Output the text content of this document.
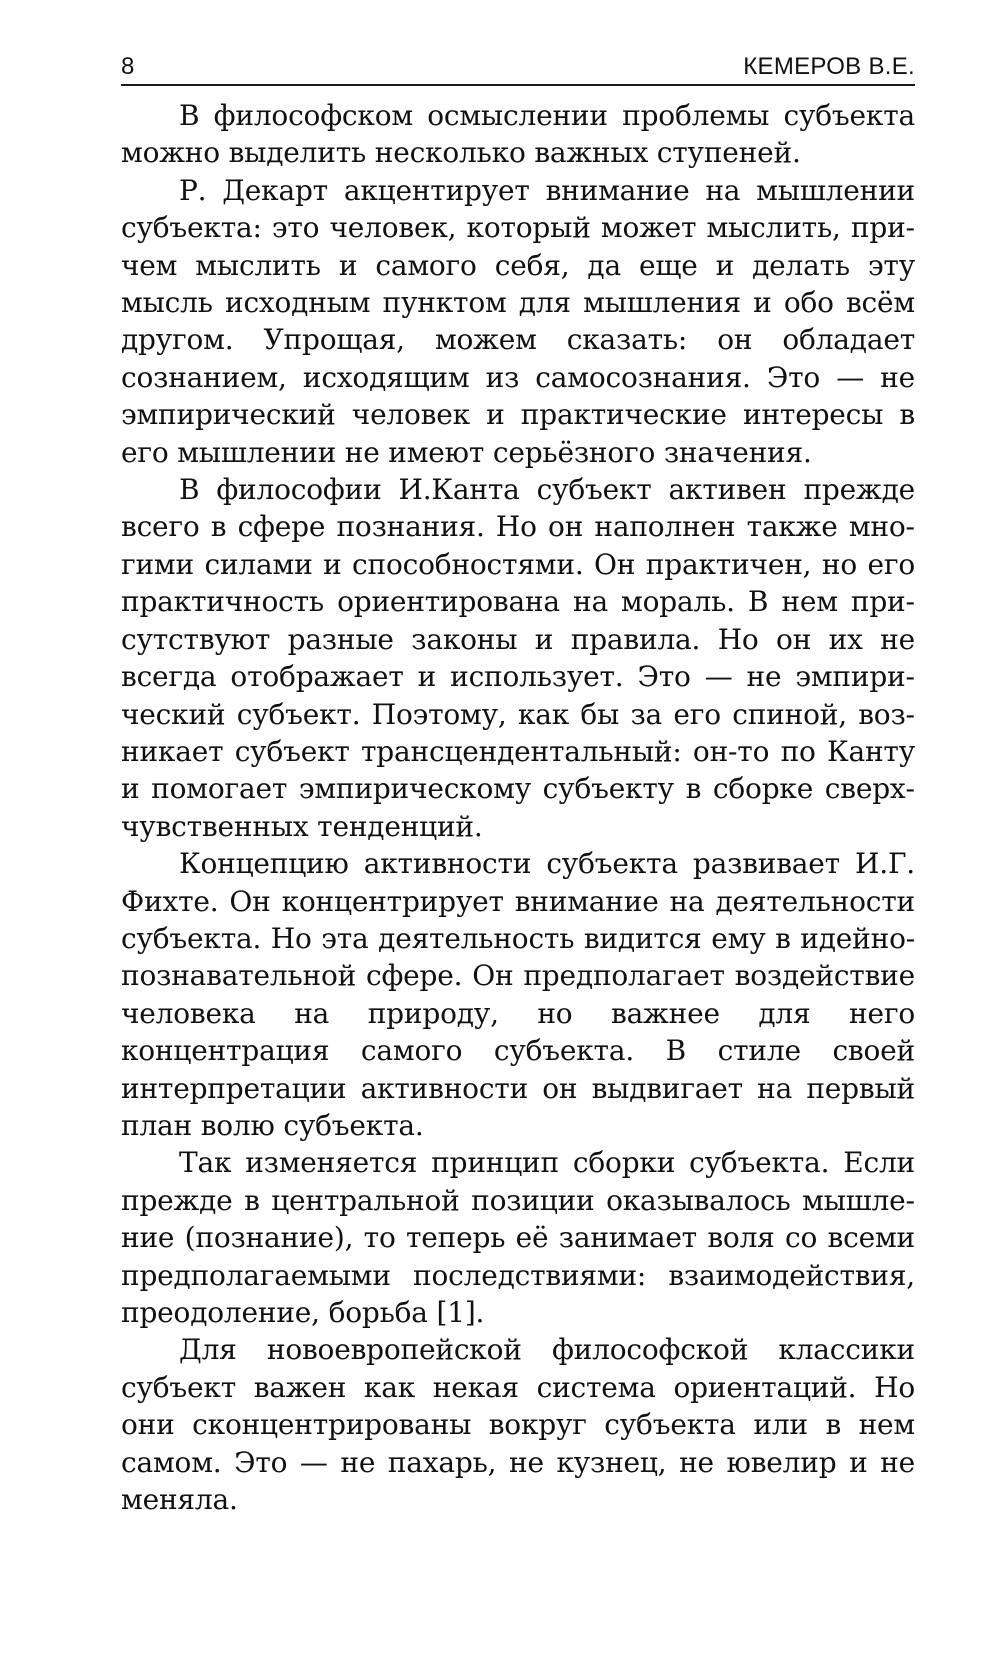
8	КЕМЕРОВ В.Е.

В философском осмыслении проблемы субъекта можно выделить несколько важных ступеней.

Р. Декарт акцентирует внимание на мышлении субъекта: это человек, который может мыслить, причем мыслить и самого себя, да еще и делать эту мысль исходным пунктом для мышления и обо всём другом. Упрощая, можем сказать: он обладает сознанием, исходящим из самосознания. Это — не эмпирический человек и практические интересы в его мышлении не имеют серьёзного значения.

В философии И.Канта субъект активен прежде всего в сфере познания. Но он наполнен также многими силами и способностями. Он практичен, но его практичность ориентирована на мораль. В нем присутствуют разные законы и правила. Но он их не всегда отображает и использует. Это — не эмпирический субъект. Поэтому, как бы за его спиной, возникает субъект трансцендентальный: он-то по Канту и помогает эмпирическому субъекту в сборке сверхчувственных тенденций.

Концепцию активности субъекта развивает И.Г. Фихте. Он концентрирует внимание на деятельности субъекта. Но эта деятельность видится ему в идейно-познавательной сфере. Он предполагает воздействие человека на природу, но важнее для него концентрация самого субъекта. В стиле своей интерпретации активности он выдвигает на первый план волю субъекта.

Так изменяется принцип сборки субъекта. Если прежде в центральной позиции оказывалось мышление (познание), то теперь её занимает воля со всеми предполагаемыми последствиями: взаимодействия, преодоление, борьба [1].

Для новоевропейской философской классики субъект важен как некая система ориентаций. Но они сконцентрированы вокруг субъекта или в нем самом. Это — не пахарь, не кузнец, не ювелир и не меняла.
